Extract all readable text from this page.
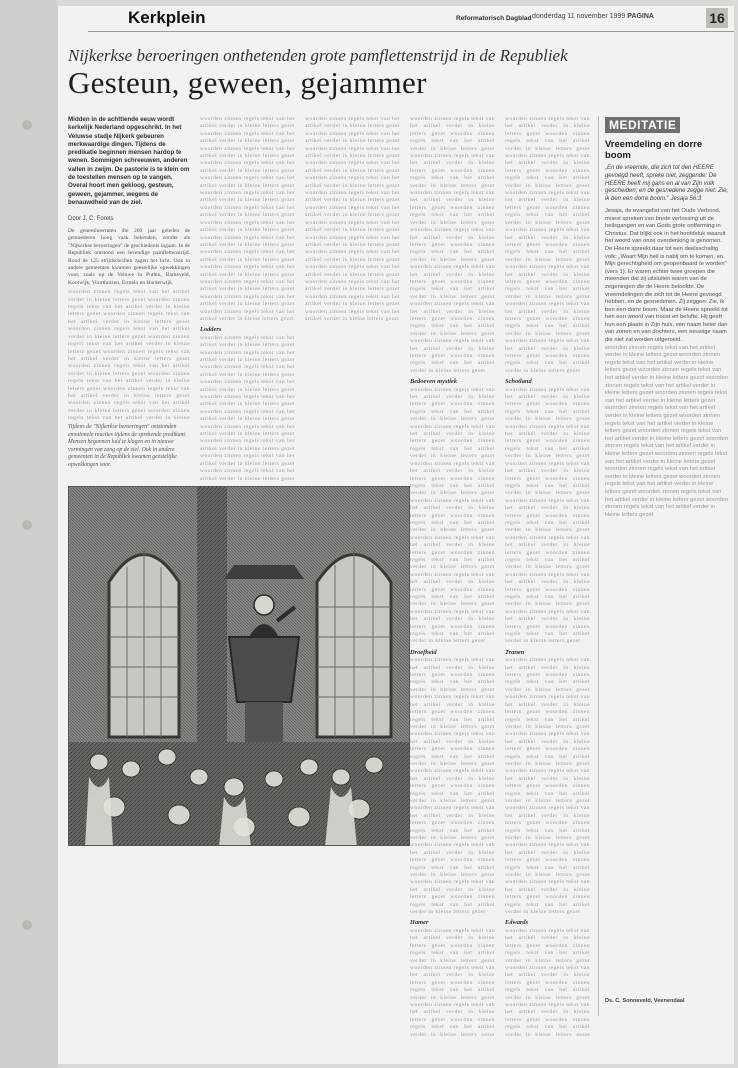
Kerkplein	Reformatorisch Dagblad donderdag 11 november 1999 PAGINA	16
Nijkerkse beroeringen onthetenden grote pamflettenstrijd in de Republiek
Gesteun, geween, gejammer
Midden in de achttiende eeuw wordt kerkelijk Nederland opgeschrikt. In het Veluwse stadje Nijkerk gebeuren merkwaardige dingen. Tijdens de predikatie beginnen mensen hardop te wenen. Sommigen schreeuwen, anderen vallen in zwijm. De pastorie is te klein om de toestellen mensen op te vangen. Overal hoort men gekloog, gesteun, geween, gejammer, wegens de benauwdheid van de ziel.
Door J. C. Forets

De geneesheerraten die 200 jaar geleden de gemoederen hoog vaak bekenden, zonder als "Nijkerkse beroeringen" de geschiedenis ingaan. In de Republiek ontstond een levendige pamflettenstrijd. Rond de 125 strijdschriften zagen het licht. Ook in andere gemeenten kwamen geestelijke opwekkingen voor, zoals op de Veluwe in Putten, Barneveld, Kootwijk, Voorthuizen, Ermelo en Harderwijk.

woorden zinnen regels tekst van het artikel verder in kleine letters gezet woorden zinnen regels tekst van het artikel verder in kleine letters gezet woorden zinnen regels tekst van het artikel verder in kleine letters gezet woorden zinnen regels tekst van het artikel verder in kleine letters gezet woorden zinnen regels tekst van het artikel verder in kleine letters gezet woorden zinnen regels tekst van het artikel verder in kleine letters gezet woorden zinnen regels tekst van het artikel verder in kleine letters gezet woorden zinnen regels tekst van het artikel verder in kleine letters gezet woorden zinnen regels tekst van het artikel verder in kleine letters gezet woorden zinnen regels tekst van het artikel verder in kleine letters gezet woorden zinnen regels tekst van het artikel verder in kleine

Tijdens de "Nijkerkse beroeringen" ontstonden emotionele reacties tijdens de sprekende predikant. Mensen begonnen luid te klagen en in nieuwe vormingen van zang op de ziel. Ook in andere gemeenten in de Republiek kwamen geestelijke opwekkingen voor.

woorden zinnen regels tekst van het artikel verder in kleine letters gezet woorden zinnen regels tekst van het artikel verder in kleine letters gezet woorden zinnen regels tekst van het artikel verder in kleine letters gezet woorden zinnen regels tekst van het artikel verder in kleine letters gezet woorden zinnen regels tekst van het artikel verder in kleine letters gezet woorden zinnen regels tekst van het artikel verder in kleine letters gezet woorden zinnen regels tekst van het artikel verder in kleine letters gezet woorden zinnen regels tekst van het artikel verder in kleine letters gezet woorden zinnen regels tekst van het artikel verder in kleine letters gezet woorden zinnen regels tekst van het artikel verder in kleine letters gezet woorden zinnen regels tekst van het artikel verder in kleine letters gezet woorden zinnen regels tekst van het artikel verder in kleine letters gezet woorden zinnen regels tekst van het artikel verder in kleine letters gezet woorden zinnen regels tekst van het artikel verder in kleine letters gezet

Lodders

woorden zinnen regels tekst van het artikel verder in kleine letters gezet woorden zinnen regels tekst van het artikel verder in kleine letters gezet woorden zinnen regels tekst van het artikel verder in kleine letters gezet woorden zinnen regels tekst van het artikel verder in kleine letters gezet woorden zinnen regels tekst van het artikel verder in kleine letters gezet woorden zinnen regels tekst van het artikel verder in kleine letters gezet woorden zinnen regels tekst van het artikel verder in kleine letters gezet woorden zinnen regels tekst van het artikel verder in kleine letters gezet woorden zinnen regels tekst van het artikel verder in kleine letters gezet woorden zinnen regels tekst van het artikel verder in kleine letters gezet

woorden zinnen regels tekst van het artikel verder in kleine letters gezet woorden zinnen regels tekst van het artikel verder in kleine letters gezet woorden zinnen regels tekst van het artikel verder in kleine letters gezet woorden zinnen regels tekst van het artikel verder in kleine letters gezet woorden zinnen regels tekst van het artikel verder in kleine letters gezet woorden zinnen regels tekst van het artikel verder in kleine letters gezet woorden zinnen regels tekst van het artikel verder in kleine letters gezet woorden zinnen regels tekst van het artikel verder in kleine letters gezet woorden zinnen regels tekst van het artikel verder in kleine letters gezet woorden zinnen regels tekst van het artikel verder in kleine letters gezet woorden zinnen regels tekst van het artikel verder in kleine letters gezet woorden zinnen regels tekst van het artikel verder in kleine letters gezet woorden zinnen regels tekst van het artikel verder in kleine letters gezet woorden zinnen regels tekst van het artikel verder in kleine letters gezet

woorden zinnen regels tekst van het artikel verder in kleine letters gezet woorden zinnen regels tekst van het artikel verder in kleine letters gezet woorden zinnen regels tekst van het artikel verder in kleine letters gezet woorden zinnen regels tekst van het artikel verder in kleine letters gezet woorden zinnen regels tekst van het artikel verder in kleine letters gezet woorden zinnen regels tekst van het artikel verder in kleine letters gezet woorden zinnen regels tekst van het artikel verder in kleine letters gezet woorden zinnen regels tekst van het artikel verder in kleine letters gezet woorden zinnen regels tekst van het artikel verder in kleine letters gezet woorden zinnen regels tekst van het artikel verder in kleine letters gezet woorden zinnen regels tekst van het artikel verder in kleine letters gezet woorden zinnen regels tekst van het artikel verder in kleine letters gezet woorden zinnen regels tekst van het artikel verder in kleine letters gezet woorden zinnen regels tekst van het artikel verder in kleine letters gezet

Bedoeven mystiek

woorden zinnen regels tekst van het artikel verder in kleine letters gezet woorden zinnen regels tekst van het artikel verder in kleine letters gezet woorden zinnen regels tekst van het artikel verder in kleine letters gezet woorden zinnen regels tekst van het artikel verder in kleine letters gezet woorden zinnen regels tekst van het artikel verder in kleine letters gezet woorden zinnen regels tekst van het artikel verder in kleine letters gezet woorden zinnen regels tekst van het artikel verder in kleine letters gezet woorden zinnen regels tekst van het artikel verder in kleine letters gezet woorden zinnen regels tekst van het artikel verder in kleine letters gezet woorden zinnen regels tekst van het artikel verder in kleine letters gezet woorden zinnen regels tekst van het artikel verder in kleine letters gezet woorden zinnen regels tekst van het artikel verder in kleine letters gezet woorden zinnen regels tekst van het artikel verder in kleine letters gezet woorden zinnen regels tekst van het artikel verder in kleine letters gezet

Droefheid

woorden zinnen regels tekst van het artikel verder in kleine letters gezet woorden zinnen regels tekst van het artikel verder in kleine letters gezet woorden zinnen regels tekst van het artikel verder in kleine letters gezet woorden zinnen regels tekst van het artikel verder in kleine letters gezet woorden zinnen regels tekst van het artikel verder in kleine letters gezet woorden zinnen regels tekst van het artikel verder in kleine letters gezet woorden zinnen regels tekst van het artikel verder in kleine letters gezet woorden zinnen regels tekst van het artikel verder in kleine letters gezet woorden zinnen regels tekst van het artikel verder in kleine letters gezet woorden zinnen regels tekst van het artikel verder in kleine letters gezet woorden zinnen regels tekst van het artikel verder in kleine letters gezet woorden zinnen regels tekst van het artikel verder in kleine letters gezet woorden zinnen regels tekst van het artikel verder in kleine letters gezet woorden zinnen regels tekst van het artikel verder in kleine letters gezet

Hamer

woorden zinnen regels tekst van het artikel verder in kleine letters gezet woorden zinnen regels tekst van het artikel verder in kleine letters gezet woorden zinnen regels tekst van het artikel verder in kleine letters gezet woorden zinnen regels tekst van het artikel verder in kleine letters gezet woorden zinnen regels tekst van het artikel verder in kleine letters gezet woorden zinnen regels tekst van het artikel verder in kleine letters gezet

woorden zinnen regels tekst van het artikel verder in kleine letters gezet woorden zinnen regels tekst van het artikel verder in kleine letters gezet woorden zinnen regels tekst van het artikel verder in kleine letters gezet woorden zinnen regels tekst van het artikel verder in kleine letters gezet woorden zinnen regels tekst van het artikel verder in kleine letters gezet woorden zinnen regels tekst van het artikel verder in kleine letters gezet woorden zinnen regels tekst van het artikel verder in kleine letters gezet woorden zinnen regels tekst van het artikel verder in kleine letters gezet woorden zinnen regels tekst van het artikel verder in kleine letters gezet woorden zinnen regels tekst van het artikel verder in kleine letters gezet woorden zinnen regels tekst van het artikel verder in kleine letters gezet woorden zinnen regels tekst van het artikel verder in kleine letters gezet woorden zinnen regels tekst van het artikel verder in kleine letters gezet woorden zinnen regels tekst van het artikel verder in kleine letters gezet

Schotland

woorden zinnen regels tekst van het artikel verder in kleine letters gezet woorden zinnen regels tekst van het artikel verder in kleine letters gezet woorden zinnen regels tekst van het artikel verder in kleine letters gezet woorden zinnen regels tekst van het artikel verder in kleine letters gezet woorden zinnen regels tekst van het artikel verder in kleine letters gezet woorden zinnen regels tekst van het artikel verder in kleine letters gezet woorden zinnen regels tekst van het artikel verder in kleine letters gezet woorden zinnen regels tekst van het artikel verder in kleine letters gezet woorden zinnen regels tekst van het artikel verder in kleine letters gezet woorden zinnen regels tekst van het artikel verder in kleine letters gezet woorden zinnen regels tekst van het artikel verder in kleine letters gezet woorden zinnen regels tekst van het artikel verder in kleine letters gezet woorden zinnen regels tekst van het artikel verder in kleine letters gezet woorden zinnen regels tekst van het artikel verder in kleine letters gezet

Tranen

woorden zinnen regels tekst van het artikel verder in kleine letters gezet woorden zinnen regels tekst van het artikel verder in kleine letters gezet woorden zinnen regels tekst van het artikel verder in kleine letters gezet woorden zinnen regels tekst van het artikel verder in kleine letters gezet woorden zinnen regels tekst van het artikel verder in kleine letters gezet woorden zinnen regels tekst van het artikel verder in kleine letters gezet woorden zinnen regels tekst van het artikel verder in kleine letters gezet woorden zinnen regels tekst van het artikel verder in kleine letters gezet woorden zinnen regels tekst van het artikel verder in kleine letters gezet woorden zinnen regels tekst van het artikel verder in kleine letters gezet woorden zinnen regels tekst van het artikel verder in kleine letters gezet woorden zinnen regels tekst van het artikel verder in kleine letters gezet woorden zinnen regels tekst van het artikel verder in kleine letters gezet woorden zinnen regels tekst van het artikel verder in kleine letters gezet

Edwards

woorden zinnen regels tekst van het artikel verder in kleine letters gezet woorden zinnen regels tekst van het artikel verder in kleine letters gezet woorden zinnen regels tekst van het artikel verder in kleine letters gezet woorden zinnen regels tekst van het artikel verder in kleine letters gezet woorden zinnen regels tekst van het artikel verder in kleine letters gezet woorden zinnen regels tekst van het artikel verder in kleine letters gezet

MEDITATIE
Vreemdeling en dorre boom
„En de vreemde, die zich tot den HEERE gevoegd heeft, spreke niet, zeggende: De HEERE heeft mij gans en al van Zijn volk gescheiden; en de gesnedene zegge niet: Zie, ik ben een dorre boom." Jesaja 56:3

Jesaja, de evangelist van het Oude Verbond, moest spreken van brede verlossing uit de heilsgangen en van Gods grote ontferming in Christus. Dat blijkt ook in het hoofdstuk waaruit het woord van onze overdenking is genomen. De Heere spreekt daar tot een deelsschaltig volk: „Waart Mijn heil is nabij om te komen, en Mijn gerechtigheid om geopenbaard te worden" (vers 1). Er waren echter twee groepen die meenden dat zij uitsluiten waren van de zegeningen die de Heere beloofde. De vreemdelingen die zich tot de Heere gevoegd hebben, en de gesnedenen. Zij zeggen: Zie, ik ben een dorre boom. Maar de Heere spreekt tot hen een woord van troost en belofte. Hij geeft hun een plaats in Zijn huis, een naam beter dan van zonen en van dochters, een eeuwige naam die niet zal worden uitgeroeid.

woorden zinnen regels tekst van het artikel verder in kleine letters gezet woorden zinnen regels tekst van het artikel verder in kleine letters gezet woorden zinnen regels tekst van het artikel verder in kleine letters gezet woorden zinnen regels tekst van het artikel verder in kleine letters gezet woorden zinnen regels tekst van het artikel verder in kleine letters gezet woorden zinnen regels tekst van het artikel verder in kleine letters gezet woorden zinnen regels tekst van het artikel verder in kleine letters gezet woorden zinnen regels tekst van het artikel verder in kleine letters gezet woorden zinnen regels tekst van het artikel verder in kleine letters gezet woorden zinnen regels tekst van het artikel verder in kleine letters gezet woorden zinnen regels tekst van het artikel verder in kleine letters gezet woorden zinnen regels tekst van het artikel verder in kleine letters gezet woorden zinnen regels tekst van het artikel verder in kleine letters gezet woorden zinnen regels tekst van het artikel verder in kleine letters gezet

Ds. C. Sonneveld, Veenendaal
